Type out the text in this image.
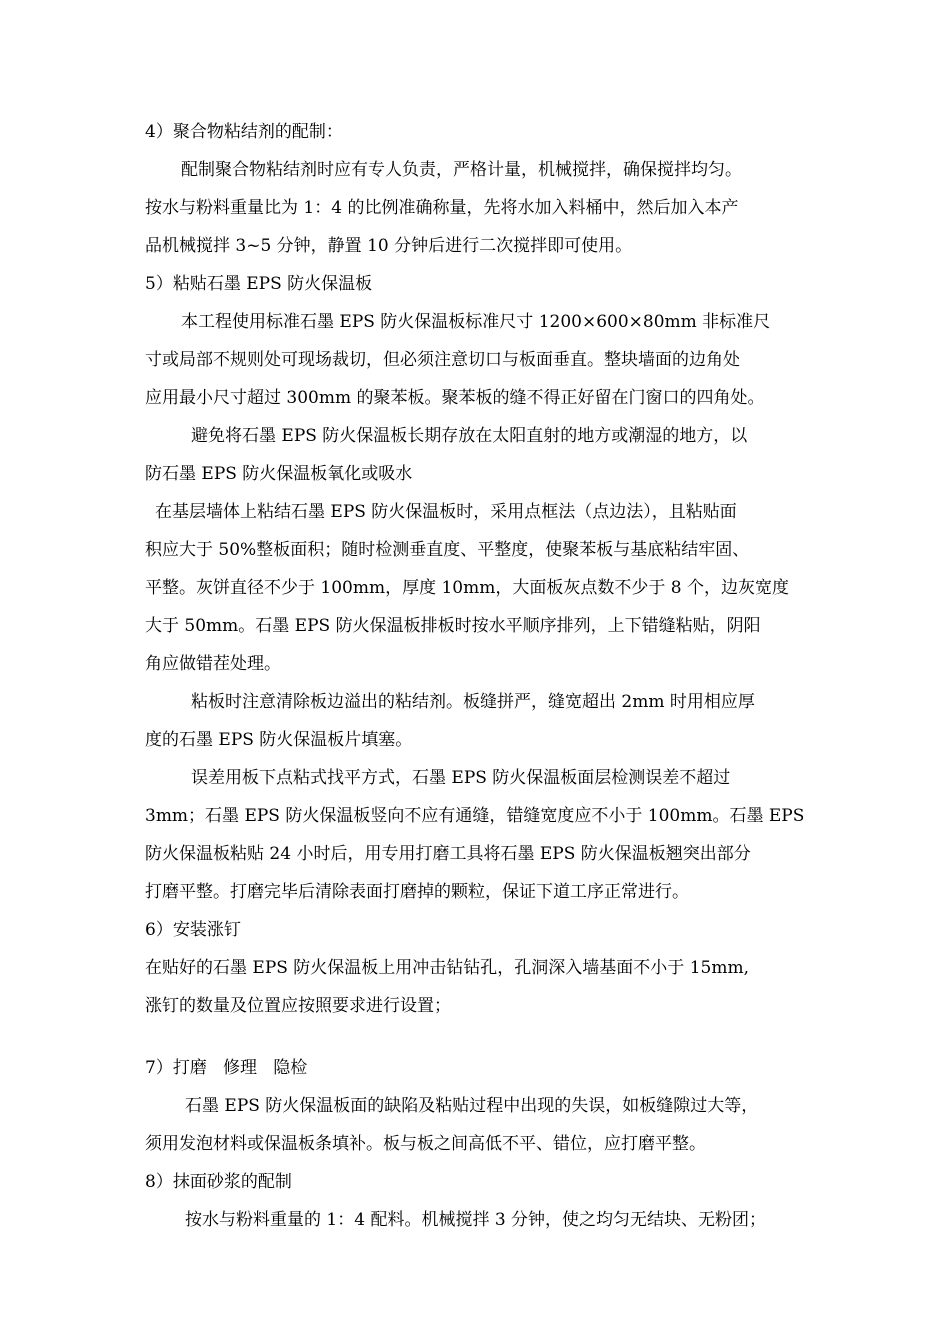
4）聚合物粘结剂的配制：
配制聚合物粘结剂时应有专人负责，严格计量，机械搅拌，确保搅拌均匀。
按水与粉料重量比为 1：4 的比例准确称量，先将水加入料桶中，然后加入本产
品机械搅拌 3~5 分钟，静置 10 分钟后进行二次搅拌即可使用。
5）粘贴石墨 EPS 防火保温板
本工程使用标准石墨 EPS 防火保温板标准尺寸 1200×600×80mm 非标准尺
寸或局部不规则处可现场裁切，但必须注意切口与板面垂直。整块墙面的边角处
应用最小尺寸超过 300mm 的聚苯板。聚苯板的缝不得正好留在门窗口的四角处。
避免将石墨 EPS 防火保温板长期存放在太阳直射的地方或潮湿的地方，以
防石墨 EPS 防火保温板氧化或吸水
在基层墙体上粘结石墨 EPS 防火保温板时，采用点框法（点边法），且粘贴面
积应大于 50%整板面积；随时检测垂直度、平整度，使聚苯板与基底粘结牢固、
平整。灰饼直径不少于 100mm，厚度 10mm，大面板灰点数不少于 8 个，边灰宽度
大于 50mm。石墨 EPS 防火保温板排板时按水平顺序排列，上下错缝粘贴，阴阳
角应做错茬处理。
粘板时注意清除板边溢出的粘结剂。板缝拼严，缝宽超出 2mm 时用相应厚
度的石墨 EPS 防火保温板片填塞。
误差用板下点粘式找平方式，石墨 EPS 防火保温板面层检测误差不超过
3mm；石墨 EPS 防火保温板竖向不应有通缝，错缝宽度应不小于 100mm。石墨 EPS
防火保温板粘贴 24 小时后，用专用打磨工具将石墨 EPS 防火保温板翘突出部分
打磨平整。打磨完毕后清除表面打磨掉的颗粒，保证下道工序正常进行。
6）安装涨钉
在贴好的石墨 EPS 防火保温板上用冲击钻钻孔，孔洞深入墙基面不小于 15mm,
涨钉的数量及位置应按照要求进行设置；
7）打磨   修理   隐检
石墨 EPS 防火保温板面的缺陷及粘贴过程中出现的失误，如板缝隙过大等，
须用发泡材料或保温板条填补。板与板之间高低不平、错位，应打磨平整。
8）抹面砂浆的配制
按水与粉料重量的 1：4 配料。机械搅拌 3 分钟，使之均匀无结块、无粉团；
